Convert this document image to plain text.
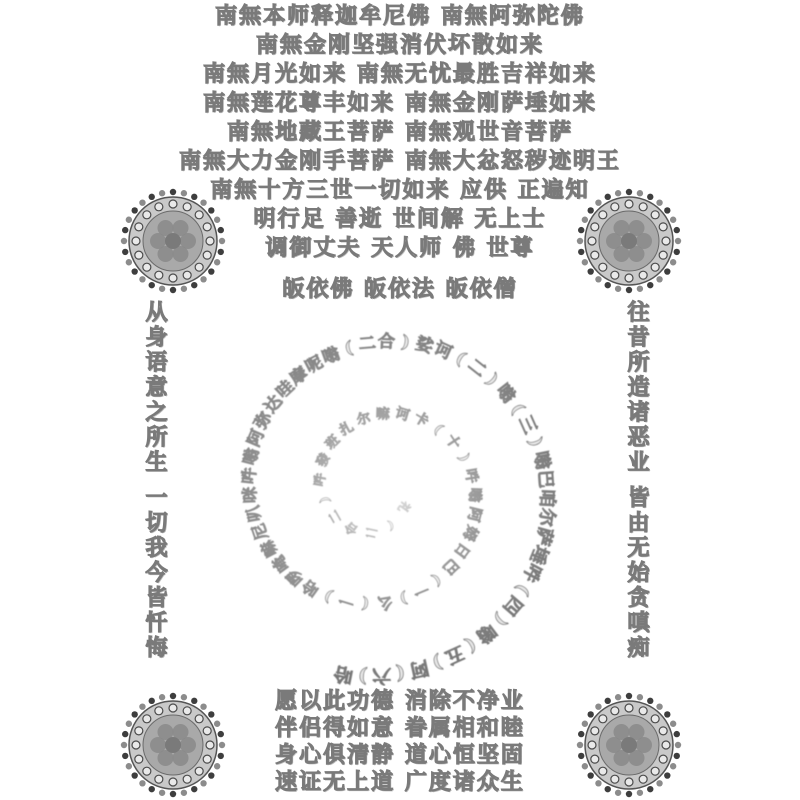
南無本师释迦牟尼佛 南無阿弥陀佛
南無金刚坚强消伏坏散如来
南無月光如来 南無无忧最胜吉祥如来
南無莲花尊丰如来 南無金刚萨埵如来
南無地藏王菩萨 南無观世音菩萨
南無大力金刚手菩萨 南無大忿怒秽迹明王
南無十方三世一切如来 应供 正遍知
明行足 善逝 世间解 无上士
调御丈夫 天人师 佛 世尊
皈依佛 皈依法 皈依僧
从身语意之所生 一切我今皆忏悔	往昔所造诸恶业 皆由无始贪嗔痴
愿以此功德 消除不净业
伴侣得如意 眷属相和睦
身心俱清静 道心恒坚固
速证无上道 广度诸众生
